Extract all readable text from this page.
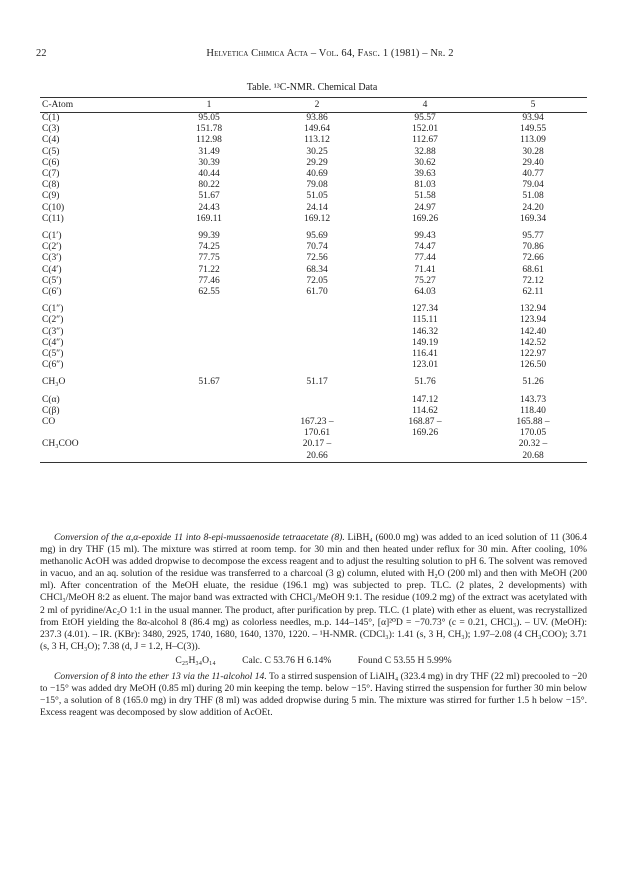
22	Helvetica Chimica Acta – Vol. 64, Fasc. 1 (1981) – Nr. 2
Table. ¹³C-NMR. Chemical Data
C-Atom	1	2	4	5
C(1)	95.05	93.86	95.57	93.94
C(3)	151.78	149.64	152.01	149.55
C(4)	112.98	113.12	112.67	113.09
C(5)	31.49	30.25	32.88	30.28
C(6)	30.39	29.29	30.62	29.40
C(7)	40.44	40.69	39.63	40.77
C(8)	80.22	79.08	81.03	79.04
C(9)	51.67	51.05	51.58	51.08
C(10)	24.43	24.14	24.97	24.20
C(11)	169.11	169.12	169.26	169.34

C(1′)	99.39	95.69	99.43	95.77
C(2′)	74.25	70.74	74.47	70.86
C(3′)	77.75	72.56	77.44	72.66
C(4′)	71.22	68.34	71.41	68.61
C(5′)	77.46	72.05	75.27	72.12
C(6′)	62.55	61.70	64.03	62.11

C(1″)			127.34	132.94
C(2″)			115.11	123.94
C(3″)			146.32	142.40
C(4″)			149.19	142.52
C(5″)			116.41	122.97
C(6″)			123.01	126.50

CH₃O	51.67	51.17	51.76	51.26

C(α)			147.12	143.73
C(β)			114.62	118.40
CO		167.23 –	168.87 –	165.88 –
		170.61	169.26	170.05
CH₃COO		20.17 –		20.32 –
		20.66		20.68

Conversion of the α,α-epoxide 11 into 8-epi-mussaenoside tetraacetate (8). LiBH₄ (600.0 mg) was added to an iced solution of 11 (306.4 mg) in dry THF (15 ml). The mixture was stirred at room temp. for 30 min and then heated under reflux for 30 min. After cooling, 10% methanolic AcOH was added dropwise to decompose the excess reagent and to adjust the resulting solution to pH 6. The solvent was removed in vacuo, and an aq. solution of the residue was transferred to a charcoal (3 g) column, eluted with H₂O (200 ml) and then with MeOH (200 ml). After concentration of the MeOH eluate, the residue (196.1 mg) was subjected to prep. TLC. (2 plates, 2 developments) with CHCl₃/MeOH 8:2 as eluent. The major band was extracted with CHCl₃/MeOH 9:1. The residue (109.2 mg) of the extract was acetylated with 2 ml of pyridine/Ac₂O 1:1 in the usual manner. The product, after purification by prep. TLC. (1 plate) with ether as eluent, was recrystallized from EtOH yielding the 8α-alcohol 8 (86.4 mg) as colorless needles, m.p. 144–145°, [α]²⁰D = −70.73° (c = 0.21, CHCl₃). – UV. (MeOH): 237.3 (4.01). – IR. (KBr): 3480, 2925, 1740, 1680, 1640, 1370, 1220. – ¹H-NMR. (CDCl₃): 1.41 (s, 3 H, CH₃); 1.97–2.08 (4 CH₃COO); 3.71 (s, 3 H, CH₃O); 7.38 (d, J = 1.2, H–C(3)).

C₂₅H₃₄O₁₄	Calc. C 53.76 H 6.14%	Found C 53.55 H 5.99%

Conversion of 8 into the ether 13 via the 11-alcohol 14. To a stirred suspension of LiAlH₄ (323.4 mg) in dry THF (22 ml) precooled to −20 to −15° was added dry MeOH (0.85 ml) during 20 min keeping the temp. below −15°. Having stirred the suspension for further 30 min below −15°, a solution of 8 (165.0 mg) in dry THF (8 ml) was added dropwise during 5 min. The mixture was stirred for further 1.5 h below −15°. Excess reagent was decomposed by slow addition of AcOEt.
